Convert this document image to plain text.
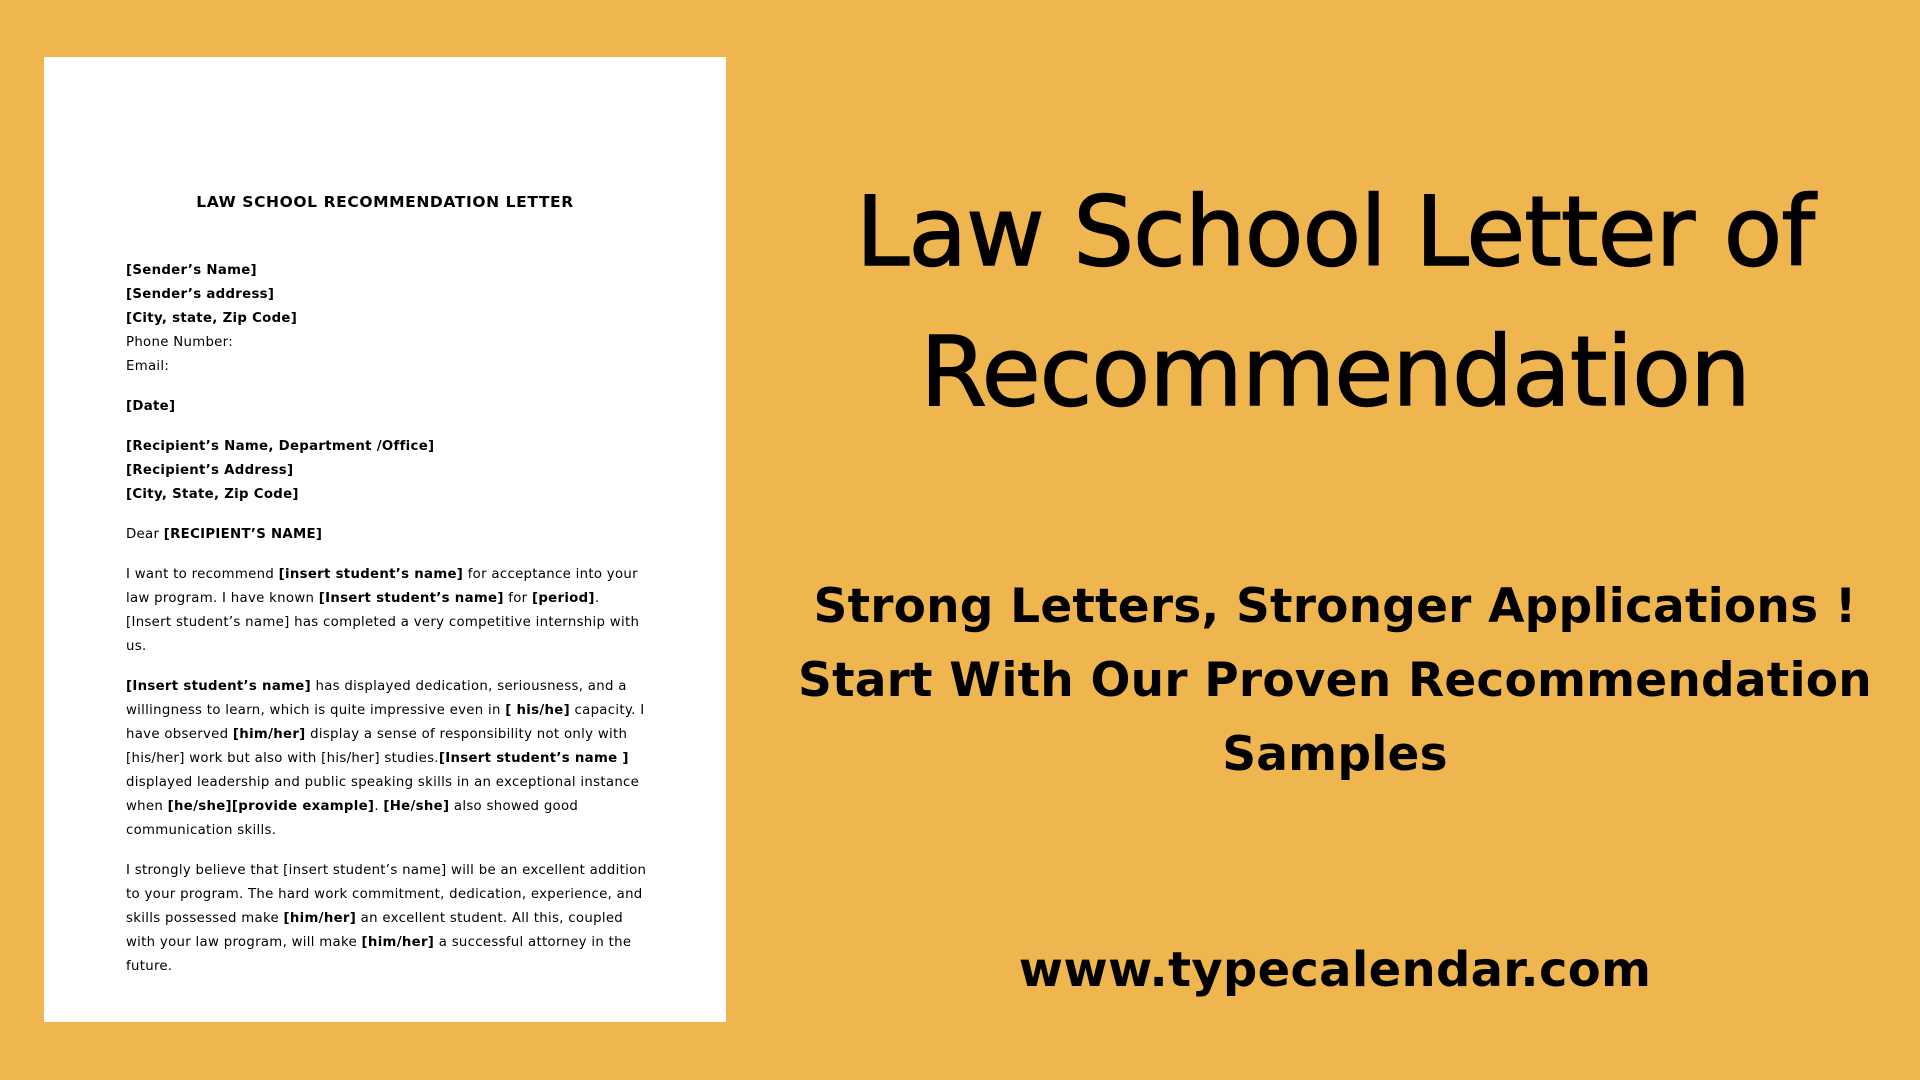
LAW SCHOOL RECOMMENDATION LETTER

[Sender’s Name]
[Sender’s address]
[City, state, Zip Code]
Phone Number:
Email:

[Date]

[Recipient’s Name, Department /Office]
[Recipient’s Address]
[City, State, Zip Code]

Dear [RECIPIENT’S NAME]

I want to recommend [insert student’s name] for acceptance into your
law program. I have known [Insert student’s name] for [period].
[Insert student’s name] has completed a very competitive internship with
us.

[Insert student’s name] has displayed dedication, seriousness, and a
willingness to learn, which is quite impressive even in [ his/he] capacity. I
have observed [him/her] display a sense of responsibility not only with
[his/her] work but also with [his/her] studies.[Insert student’s name ]
displayed leadership and public speaking skills in an exceptional instance
when [he/she][provide example]. [He/she] also showed good
communication skills.

I strongly believe that [insert student’s name] will be an excellent addition
to your program. The hard work commitment, dedication, experience, and
skills possessed make [him/her] an excellent student. All this, coupled
with your law program, will make [him/her] a successful attorney in the
future.

Law School Letter of
Recommendation
Strong Letters, Stronger Applications !
Start With Our Proven Recommendation
Samples
www.typecalendar.com
